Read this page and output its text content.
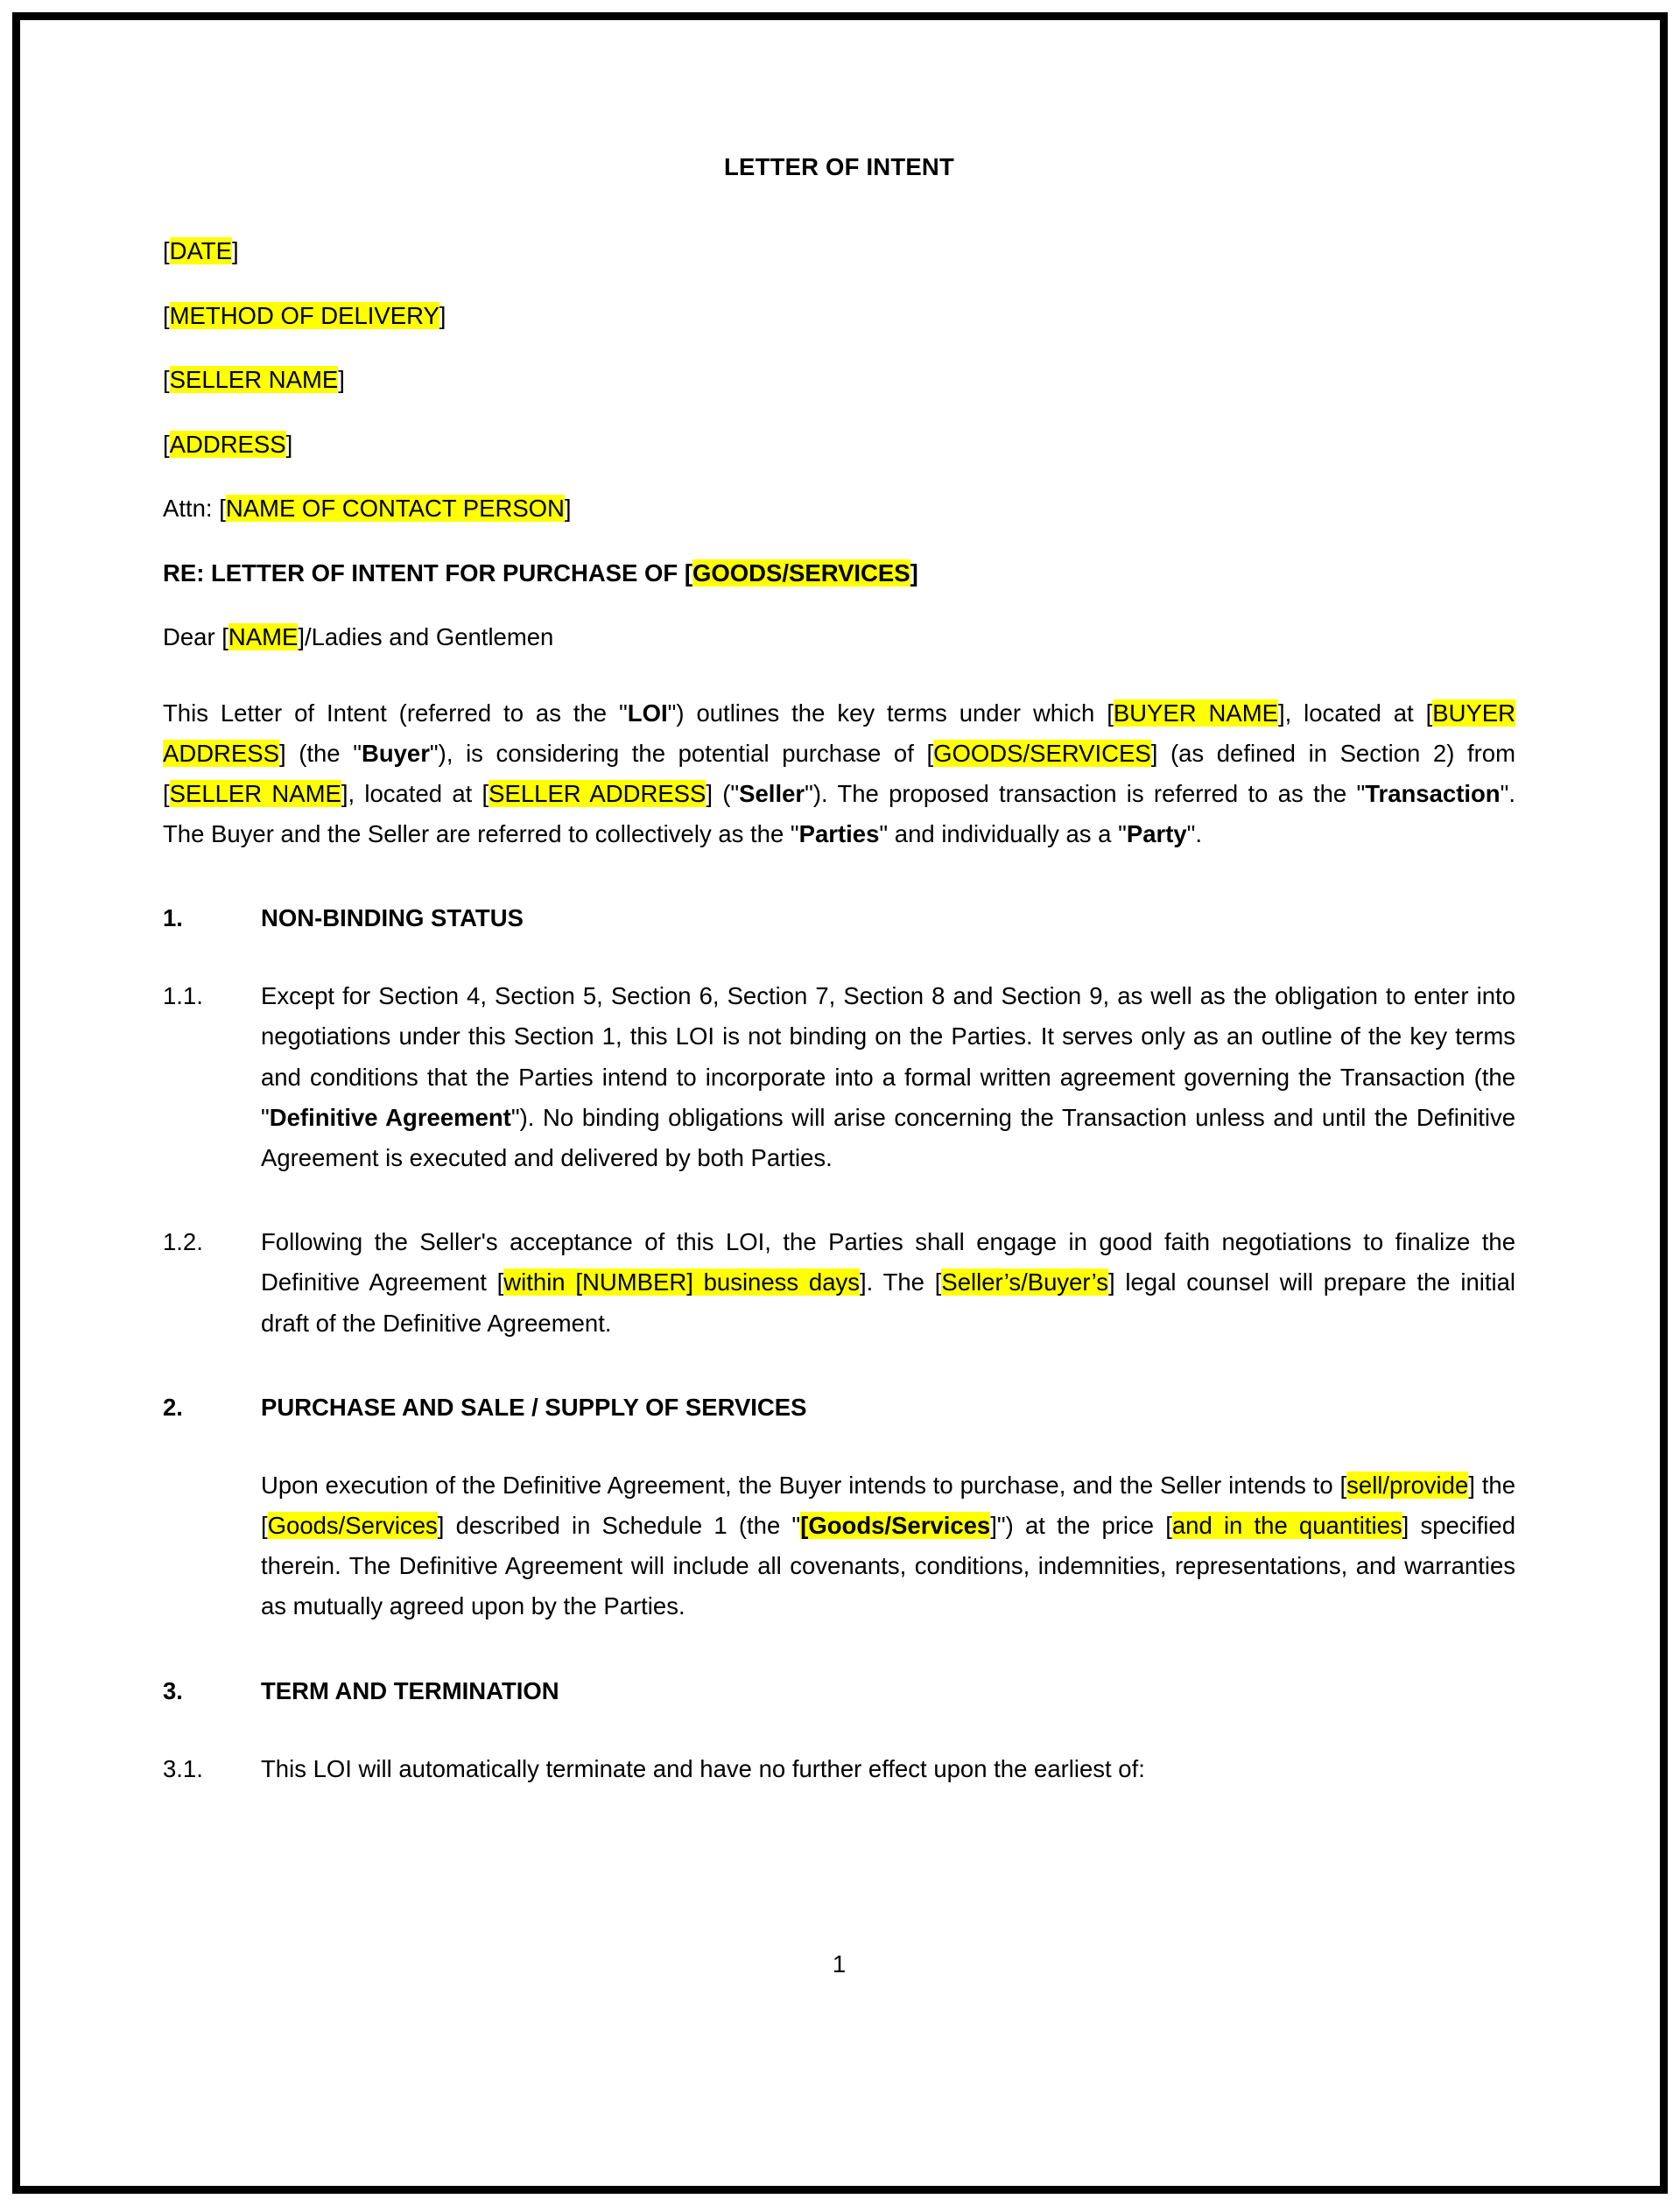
LETTER OF INTENT
[DATE]
[METHOD OF DELIVERY]
[SELLER NAME]
[ADDRESS]
Attn: [NAME OF CONTACT PERSON]
RE: LETTER OF INTENT FOR PURCHASE OF [GOODS/SERVICES]
Dear [NAME]/Ladies and Gentlemen
This Letter of Intent (referred to as the "LOI") outlines the key terms under which [BUYER NAME], located at [BUYER ADDRESS] (the "Buyer"), is considering the potential purchase of [GOODS/SERVICES] (as defined in Section 2) from [SELLER NAME], located at [SELLER ADDRESS] ("Seller"). The proposed transaction is referred to as the "Transaction". The Buyer and the Seller are referred to collectively as the "Parties" and individually as a "Party".
1.	NON-BINDING STATUS
1.1.	Except for Section 4, Section 5, Section 6, Section 7, Section 8 and Section 9, as well as the obligation to enter into negotiations under this Section 1, this LOI is not binding on the Parties. It serves only as an outline of the key terms and conditions that the Parties intend to incorporate into a formal written agreement governing the Transaction (the "Definitive Agreement"). No binding obligations will arise concerning the Transaction unless and until the Definitive Agreement is executed and delivered by both Parties.
1.2.	Following the Seller's acceptance of this LOI, the Parties shall engage in good faith negotiations to finalize the Definitive Agreement [within [NUMBER] business days]. The [Seller’s/Buyer’s] legal counsel will prepare the initial draft of the Definitive Agreement.
2.	PURCHASE AND SALE / SUPPLY OF SERVICES
Upon execution of the Definitive Agreement, the Buyer intends to purchase, and the Seller intends to [sell/provide] the [Goods/Services] described in Schedule 1 (the "[Goods/Services]") at the price [and in the quantities] specified therein. The Definitive Agreement will include all covenants, conditions, indemnities, representations, and warranties as mutually agreed upon by the Parties.
3.	TERM AND TERMINATION
3.1.	This LOI will automatically terminate and have no further effect upon the earliest of:
1
